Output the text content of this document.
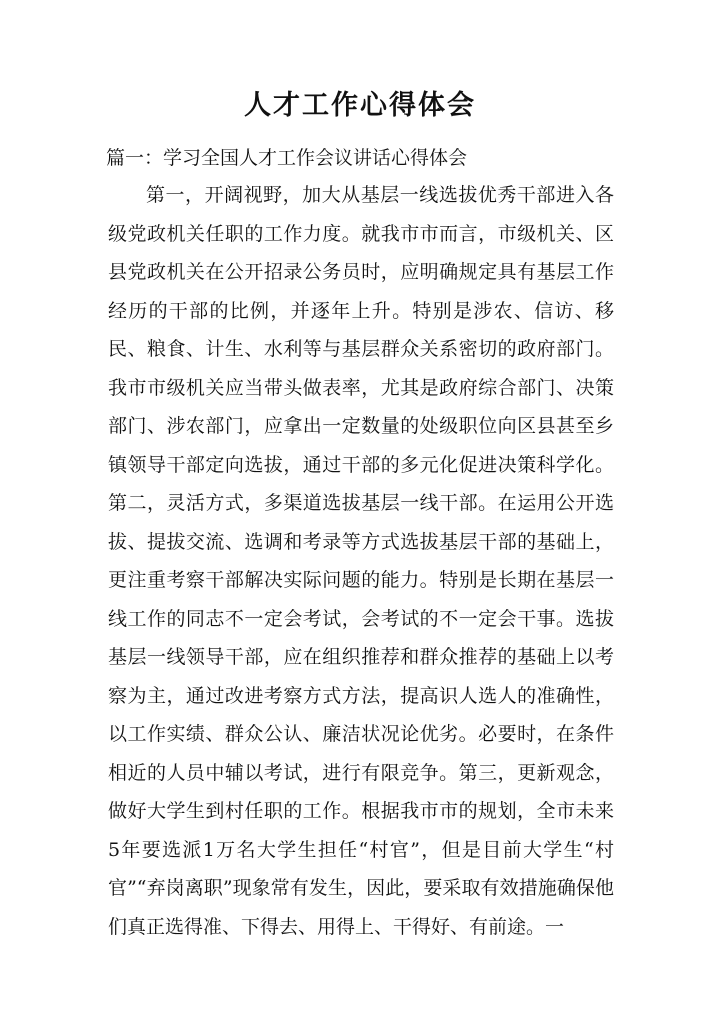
人才工作心得体会

篇一：学习全国人才工作会议讲话心得体会

第一，开阔视野，加大从基层一线选拔优秀干部进入各级党政机关任职的工作力度。就我市市而言，市级机关、区县党政机关在公开招录公务员时，应明确规定具有基层工作经历的干部的比例，并逐年上升。特别是涉农、信访、移民、粮食、计生、水利等与基层群众关系密切的政府部门。我市市级机关应当带头做表率，尤其是政府综合部门、决策部门、涉农部门，应拿出一定数量的处级职位向区县甚至乡镇领导干部定向选拔，通过干部的多元化促进决策科学化。第二，灵活方式，多渠道选拔基层一线干部。在运用公开选拔、提拔交流、选调和考录等方式选拔基层干部的基础上，更注重考察干部解决实际问题的能力。特别是长期在基层一线工作的同志不一定会考试，会考试的不一定会干事。选拔基层一线领导干部，应在组织推荐和群众推荐的基础上以考察为主，通过改进考察方式方法，提高识人选人的准确性，以工作实绩、群众公认、廉洁状况论优劣。必要时，在条件相近的人员中辅以考试，进行有限竞争。第三，更新观念，做好大学生到村任职的工作。根据我市市的规划，全市未来5年要选派1万名大学生担任“村官”，但是目前大学生“村官”“弃岗离职”现象常有发生，因此，要采取有效措施确保他们真正选得准、下得去、用得上、干得好、有前途。一
